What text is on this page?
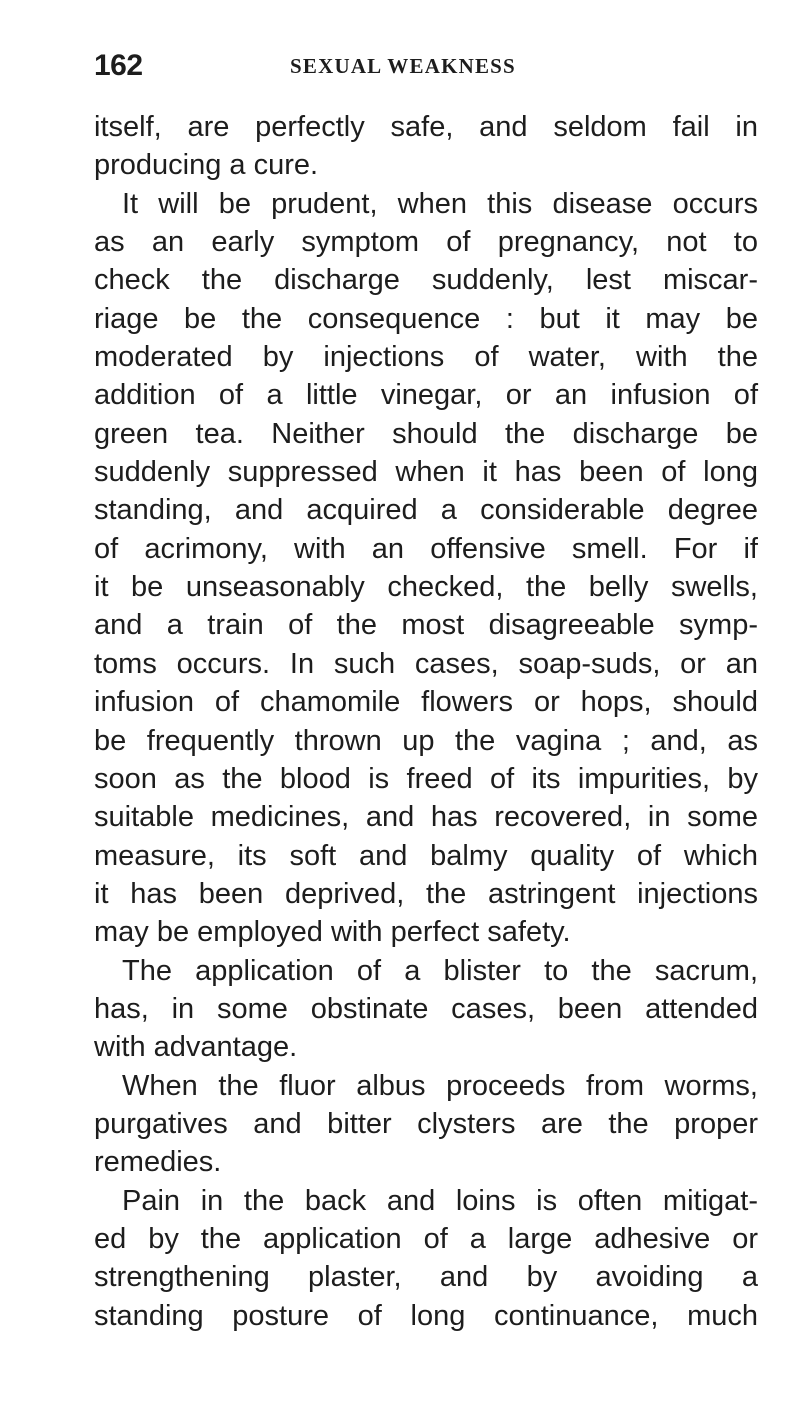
162	SEXUAL WEAKNESS
itself, are perfectly safe, and seldom fail in
producing a cure.
It will be prudent, when this disease occurs
as an early symptom of pregnancy, not to
check the discharge suddenly, lest miscar-
riage be the consequence : but it may be
moderated by injections of water, with the
addition of a little vinegar, or an infusion of
green tea. Neither should the discharge be
suddenly suppressed when it has been of long
standing, and acquired a considerable degree
of acrimony, with an offensive smell. For if
it be unseasonably checked, the belly swells,
and a train of the most disagreeable symp-
toms occurs. In such cases, soap-suds, or an
infusion of chamomile flowers or hops, should
be frequently thrown up the vagina ; and, as
soon as the blood is freed of its impurities, by
suitable medicines, and has recovered, in some
measure, its soft and balmy quality of which
it has been deprived, the astringent injections
may be employed with perfect safety.
The application of a blister to the sacrum,
has, in some obstinate cases, been attended
with advantage.
When the fluor albus proceeds from worms,
purgatives and bitter clysters are the proper
remedies.
Pain in the back and loins is often mitigat-
ed by the application of a large adhesive or
strengthening plaster, and by avoiding a
standing posture of long continuance, much
